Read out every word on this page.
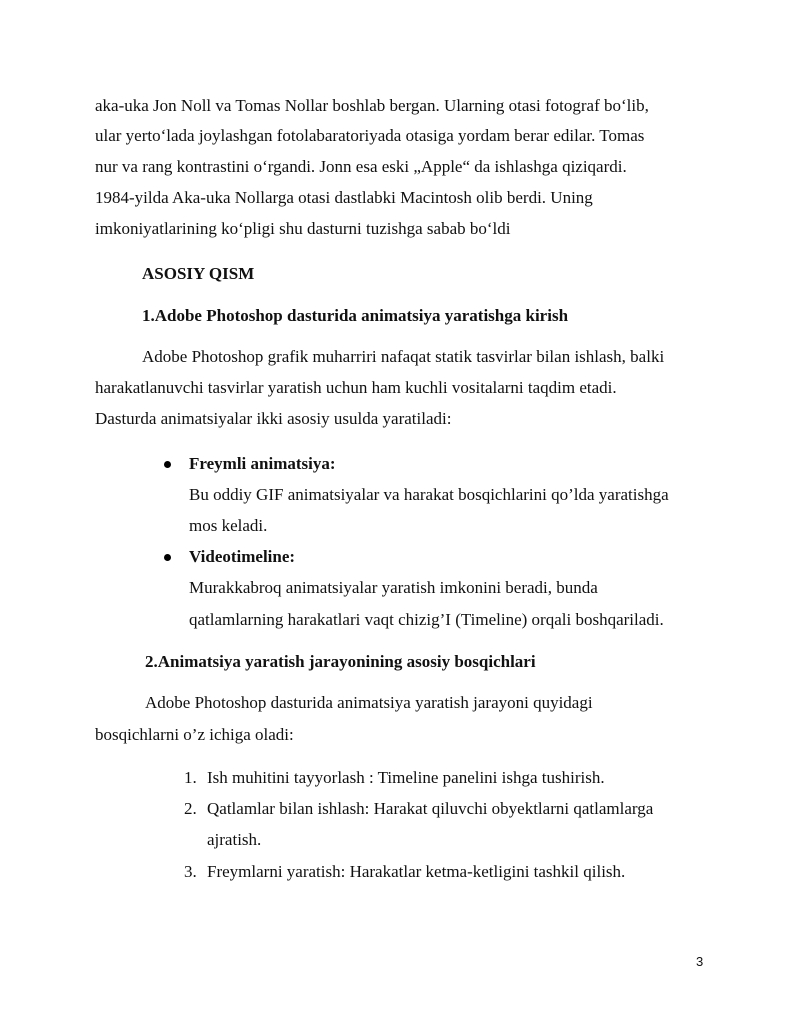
aka-uka Jon Noll va Tomas Nollar boshlab bergan. Ularning otasi fotograf bo‘lib,
ular yerto‘lada joylashgan fotolabaratoriyada otasiga yordam berar edilar. Tomas
nur va rang kontrastini o‘rgandi. Jonn esa eski „Apple“ da ishlashga qiziqardi.
1984-yilda Aka-uka Nollarga otasi dastlabki Macintosh olib berdi. Uning
imkoniyatlarining ko‘pligi shu dasturni tuzishga sabab bo‘ldi
ASOSIY QISM
1.Adobe Photoshop dasturida animatsiya yaratishga kirish
Adobe Photoshop grafik muharriri nafaqat statik tasvirlar bilan ishlash, balki
harakatlanuvchi tasvirlar yaratish uchun ham kuchli vositalarni taqdim etadi.
Dasturda animatsiyalar ikki asosiy usulda yaratiladi:
Freymli animatsiya:
Bu oddiy GIF animatsiyalar va harakat bosqichlarini qo’lda yaratishga
mos keladi.
Videotimeline:
Murakkabroq animatsiyalar yaratish imkonini beradi, bunda
qatlamlarning harakatlari vaqt chizig’I (Timeline) orqali boshqariladi.
2.Animatsiya yaratish jarayonining asosiy bosqichlari
Adobe Photoshop dasturida animatsiya yaratish jarayoni quyidagi
bosqichlarni o’z ichiga oladi:
1. Ish muhitini tayyorlash : Timeline panelini ishga tushirish.
2. Qatlamlar bilan ishlash: Harakat qiluvchi obyektlarni qatlamlarga
ajratish.
3. Freymlarni yaratish: Harakatlar ketma-ketligini tashkil qilish.
3
